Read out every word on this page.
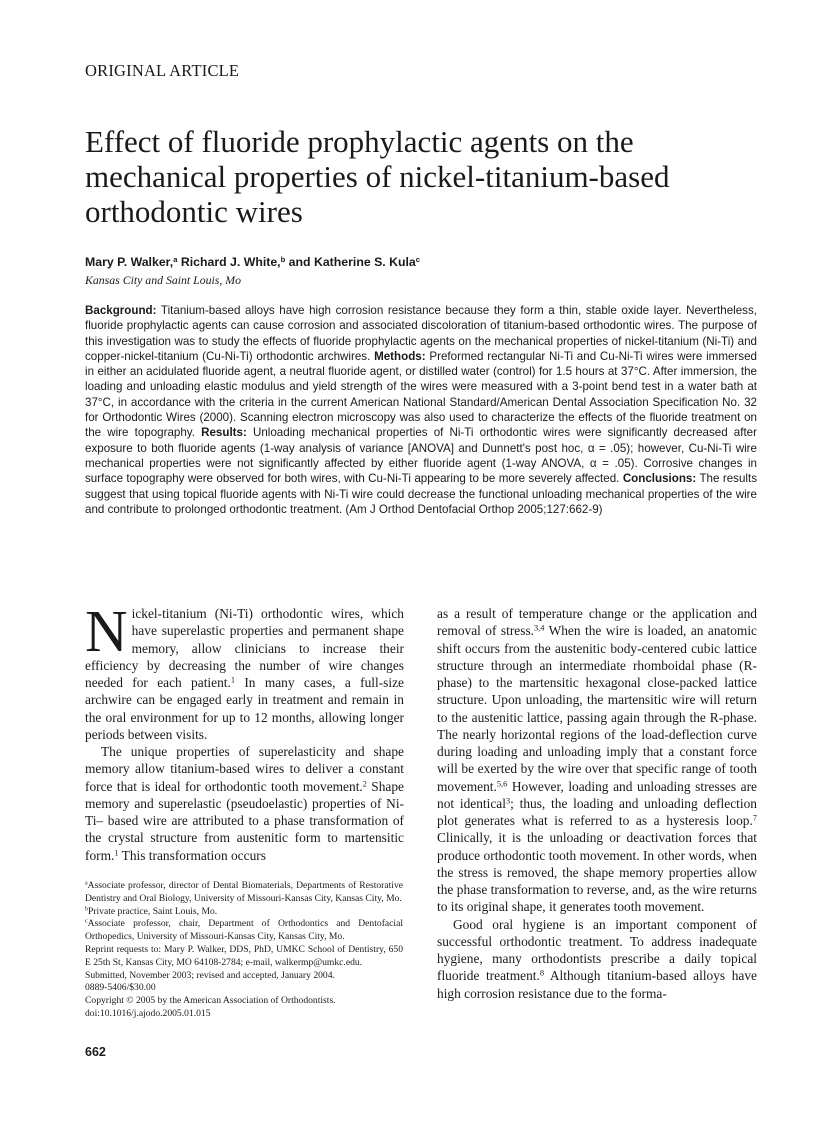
ORIGINAL ARTICLE
Effect of fluoride prophylactic agents on the mechanical properties of nickel-titanium-based orthodontic wires
Mary P. Walker,$^a$ Richard J. White,$^b$ and Katherine S. Kula$^c$
Kansas City and Saint Louis, Mo

Background: Titanium-based alloys have high corrosion resistance because they form a thin, stable oxide layer. Nevertheless, fluoride prophylactic agents can cause corrosion and associated discoloration of titanium-based orthodontic wires. The purpose of this investigation was to study the effects of fluoride prophylactic agents on the mechanical properties of nickel-titanium (Ni-Ti) and copper-nickel-titanium (Cu-Ni-Ti) orthodontic archwires. Methods: Preformed rectangular Ni-Ti and Cu-Ni-Ti wires were immersed in either an acidulated fluoride agent, a neutral fluoride agent, or distilled water (control) for 1.5 hours at 37°C. After immersion, the loading and unloading elastic modulus and yield strength of the wires were measured with a 3-point bend test in a water bath at 37°C, in accordance with the criteria in the current American National Standard/American Dental Association Specification No. 32 for Orthodontic Wires (2000). Scanning electron microscopy was also used to characterize the effects of the fluoride treatment on the wire topography. Results: Unloading mechanical properties of Ni-Ti orthodontic wires were significantly decreased after exposure to both fluoride agents (1-way analysis of variance [ANOVA] and Dunnett's post hoc, α = .05); however, Cu-Ni-Ti wire mechanical properties were not significantly affected by either fluoride agent (1-way ANOVA, α = .05). Corrosive changes in surface topography were observed for both wires, with Cu-Ni-Ti appearing to be more severely affected. Conclusions: The results suggest that using topical fluoride agents with Ni-Ti wire could decrease the functional unloading mechanical properties of the wire and contribute to prolonged orthodontic treatment. (Am J Orthod Dentofacial Orthop 2005;127:662-9)

N ickel-titanium (Ni-Ti) orthodontic wires, which have superelastic properties and permanent shape memory, allow clinicians to increase their efficiency by decreasing the number of wire changes needed for each patient.$^1$ In many cases, a full-size archwire can be engaged early in treatment and remain in the oral environment for up to 12 months, allowing longer periods between visits.

The unique properties of superelasticity and shape memory allow titanium-based wires to deliver a constant force that is ideal for orthodontic tooth movement.$^2$ Shape memory and superelastic (pseudoelastic) properties of Ni-Ti– based wire are attributed to a phase transformation of the crystal structure from austenitic form to martensitic form.$^1$ This transformation occurs

as a result of temperature change or the application and removal of stress.$^{3,4}$ When the wire is loaded, an anatomic shift occurs from the austenitic body-centered cubic lattice structure through an intermediate rhomboidal phase (R-phase) to the martensitic hexagonal close-packed lattice structure. Upon unloading, the martensitic wire will return to the austenitic lattice, passing again through the R-phase. The nearly horizontal regions of the load-deflection curve during loading and unloading imply that a constant force will be exerted by the wire over that specific range of tooth movement.$^{5,6}$ However, loading and unloading stresses are not identical$^3$; thus, the loading and unloading deflection plot generates what is referred to as a hysteresis loop.$^7$ Clinically, it is the unloading or deactivation forces that produce orthodontic tooth movement. In other words, when the stress is removed, the shape memory properties allow the phase transformation to reverse, and, as the wire returns to its original shape, it generates tooth movement.

Good oral hygiene is an important component of successful orthodontic treatment. To address inadequate hygiene, many orthodontists prescribe a daily topical fluoride treatment.$^8$ Although titanium-based alloys have high corrosion resistance due to the forma-

$^a$Associate professor, director of Dental Biomaterials, Departments of Restorative Dentistry and Oral Biology, University of Missouri-Kansas City, Kansas City, Mo.
$^b$Private practice, Saint Louis, Mo.
$^c$Associate professor, chair, Department of Orthodontics and Dentofacial Orthopedics, University of Missouri-Kansas City, Kansas City, Mo.
Reprint requests to: Mary P. Walker, DDS, PhD, UMKC School of Dentistry, 650 E 25th St, Kansas City, MO 64108-2784; e-mail, walkermp@umkc.edu.
Submitted, November 2003; revised and accepted, January 2004.
0889-5406/$30.00
Copyright © 2005 by the American Association of Orthodontists.
doi:10.1016/j.ajodo.2005.01.015
662
